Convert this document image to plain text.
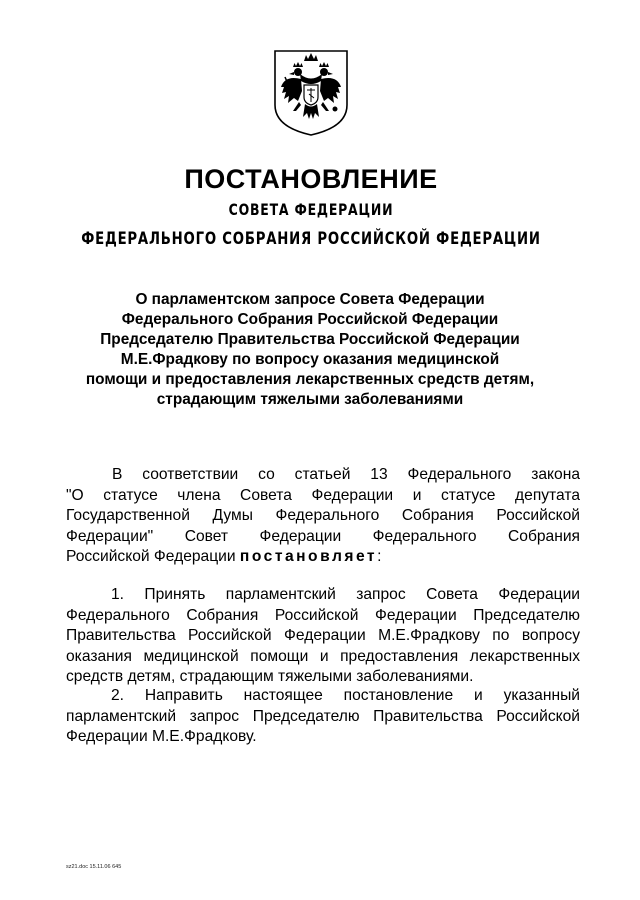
ПОСТАНОВЛЕНИЕ
СОВЕТА ФЕДЕРАЦИИ
ФЕДЕРАЛЬНОГО СОБРАНИЯ РОССИЙСКОЙ ФЕДЕРАЦИИ
О парламентском запросе Совета Федерации
Федерального Собрания Российской Федерации
Председателю Правительства Российской Федерации
М.Е.Фрадкову по вопросу оказания медицинской
помощи и предоставления лекарственных средств детям,
страдающим тяжелыми заболеваниями
В соответствии со статьей 13 Федерального закона
"О статусе члена Совета Федерации и статусе депутата
Государственной Думы Федерального Собрания Российской
Федерации" Совет Федерации Федерального Собрания
Российской Федерации постановляет:
1. Принять парламентский запрос Совета Федерации
Федерального Собрания Российской Федерации Председателю
Правительства Российской Федерации М.Е.Фрадкову по вопросу
оказания медицинской помощи и предоставления лекарственных
средств детям, страдающим тяжелыми заболеваниями.
2. Направить настоящее постановление и указанный
парламентский запрос Председателю Правительства Российской
Федерации М.Е.Фрадкову.
sz21.doc 15.11.06 645
